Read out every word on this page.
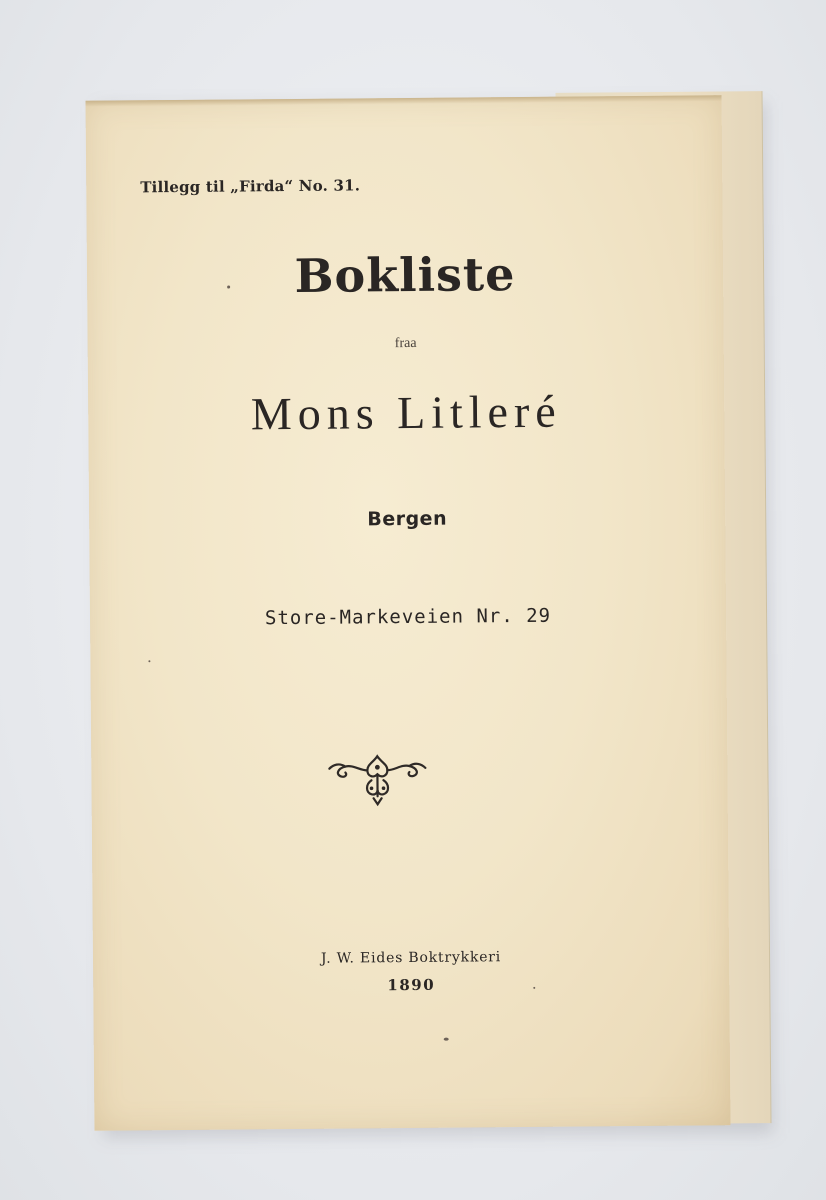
Tillegg til „Firda“ No. 31.
Bokliste
fraa
Mons Litleré
Bergen
Store-Markeveien Nr. 29
J. W. Eides Boktrykkeri
1890
